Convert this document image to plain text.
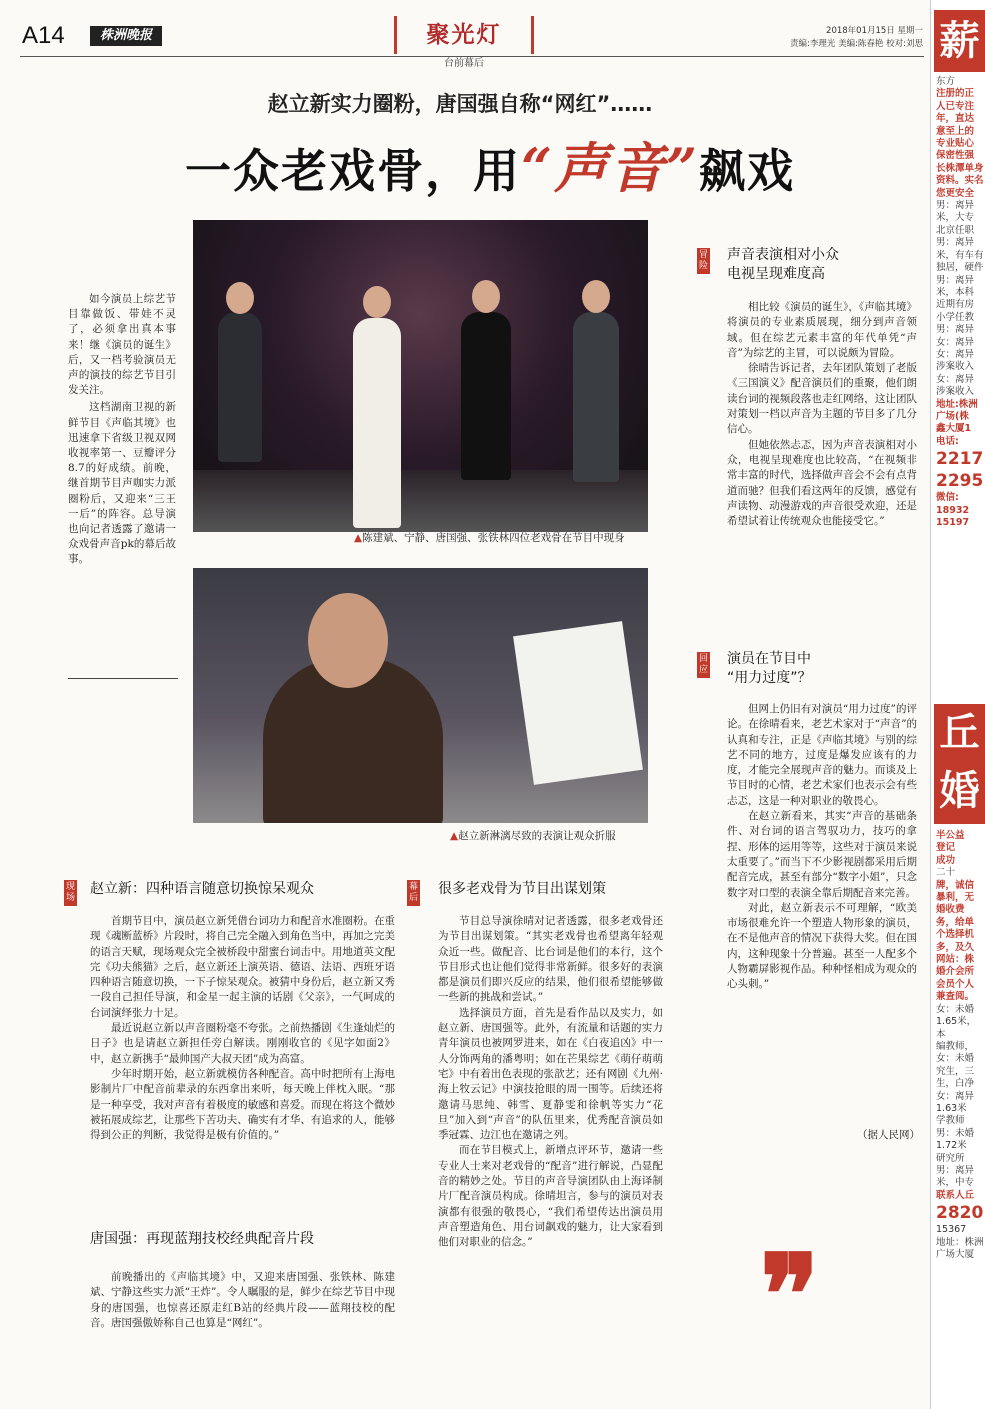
A14	株洲晚报	聚光灯
台前幕后
2018年01月15日 星期一
责编:李理光 美编:陈春艳 校对:刘思
赵立新实力圈粉，唐国强自称“网红”……
一众老戏骨，用“声音”飙戏

如今演员上综艺节目靠做饭、带娃不灵了，必须拿出真本事来！继《演员的诞生》后，又一档考验演员无声的演技的综艺节目引发关注。

这档湖南卫视的新鲜节目《声临其境》也迅速拿下省级卫视双网收视率第一、豆瓣评分8.7的好成绩。前晚，继首期节目声咖实力派圈粉后，又迎来“三王一后”的阵容。总导演也向记者透露了邀请一众戏骨声音pk的幕后故事。

▲陈建斌、宁静、唐国强、张铁林四位老戏骨在节目中现身
▲赵立新淋漓尽致的表演让观众折服
现场
赵立新：四种语言随意切换惊呆观众

首期节目中，演员赵立新凭借台词功力和配音水准圈粉。在重现《魂断蓝桥》片段时，将自己完全融入到角色当中，再加之完美的语言天赋，现场观众完全被桥段中甜蜜台词击中。用地道英文配完《功夫熊猫》之后，赵立新还上演英语、德语、法语、西班牙语四种语言随意切换，一下子惊呆观众。被猜中身份后，赵立新又秀一段自己担任导演，和金星一起主演的话剧《父亲》，一气呵成的台词演绎张力十足。

最近说赵立新以声音圈粉毫不夸张。之前热播剧《生逢灿烂的日子》也是请赵立新担任旁白解读。刚刚收官的《见字如面2》中，赵立新携手“最帅国产大叔天团”成为高富。

少年时期开始，赵立新就模仿各种配音。高中时把所有上海电影制片厂中配音前辈录的东西拿出来听，每天晚上伴枕入眠。“那是一种享受，我对声音有着极度的敏感和喜爱。而现在将这个微妙被拓展成综艺，让那些下苦功夫、确实有才华、有追求的人，能够得到公正的判断，我觉得是极有价值的。”

唐国强：再现蓝翔技校经典配音片段

前晚播出的《声临其境》中，又迎来唐国强、张铁林、陈建斌、宁静这些实力派“王炸”。令人瞩服的是，鲜少在综艺节目中现身的唐国强，也惊喜还原走红B站的经典片段——蓝翔技校的配音。唐国强傲娇称自己也算是“网红”。

幕后
很多老戏骨为节目出谋划策

节目总导演徐晴对记者透露，很多老戏骨还为节目出谋划策。“其实老戏骨也希望离年轻观众近一些。做配音、比台词是他们的本行，这个节目形式也让他们觉得非常新鲜。很多好的表演都是演员们即兴反应的结果，他们很希望能够做一些新的挑战和尝试。”

选择演员方面，首先是看作品以及实力，如赵立新、唐国强等。此外，有流量和话题的实力青年演员也被网罗进来，如在《白夜追凶》中一人分饰两角的潘粤明；如在芒果综艺《萌仔萌萌宅》中有着出色表现的张歆艺；还有网剧《九州·海上牧云记》中演技抢眼的周一围等。后续还将邀请马思纯、韩雪、夏静雯和徐帆等实力“花旦”加入到“声音”的队伍里来，优秀配音演员如季冠霖、边江也在邀请之列。

而在节目模式上，新增点评环节，邀请一些专业人士来对老戏骨的“配音”进行解说，凸显配音的精妙之处。节目的声音导演团队由上海译制片厂配音演员构成。徐晴坦言，参与的演员对表演都有很强的敬畏心，“我们希望传达出演员用声音塑造角色、用台词飙戏的魅力，让大家看到他们对职业的信念。”

冒险
声音表演相对小众
电视呈现难度高

相比较《演员的诞生》，《声临其境》将演员的专业素质展现，细分到声音领域。但在综艺元素丰富的年代单凭“声音”为综艺的主冒，可以说颇为冒险。

徐晴告诉记者，去年团队策划了老版《三国演义》配音演员们的重聚，他们朗读台词的视频段落也走红网络，这让团队对策划一档以声音为主题的节目多了几分信心。

但她依然忐忑，因为声音表演相对小众，电视呈现难度也比较高，“在视频非常丰富的时代，选择做声音会不会有点背道而驰？但我们看这两年的反馈，感觉有声读物、动漫游戏的声音很受欢迎，还是希望试着让传统观众也能接受它。”

回应
演员在节目中
“用力过度”？

但网上仍旧有对演员“用力过度”的评论。在徐晴看来，老艺术家对于“声音”的认真和专注，正是《声临其境》与别的综艺不同的地方，过度是爆发应该有的力度，才能完全展现声音的魅力。而谈及上节目时的心情，老艺术家们也表示会有些忐忑，这是一种对职业的敬畏心。

在赵立新看来，其实“声音的基础条件、对台词的语言驾驭功力，技巧的拿捏、形体的运用等等，这些对于演员来说太重要了。”而当下不少影视剧都采用后期配音完成，甚至有部分“数字小姐”，只念数字对口型的表演全靠后期配音来完善。

对此，赵立新表示不可理解，“欧美市场很难允许一个塑造人物形象的演员，在不是他声音的情况下获得大奖。但在国内，这种现象十分普遍。甚至一人配多个人物霸屏影视作品。种种怪相成为观众的心头刺。”

（据人民网）
❞
薪
东方
注册的正
人已专注
年，直达
意至上的
专业贴心
保密性强
长株潭单身
资料。实名
您更安全
男：离异
米，大专
北京任职
男：离异
米，有车有
独居，硬件
男：离异
米，本科
近期有房
小学任教
男：离异
女：离异
女：离异
涉案收入
女：离异
涉案收入
地址:株洲
广场(株
鑫大厦1
电话:
2217
2295
微信:
18932
15197
丘婚
半公益
登记
成功
二十
牌，诚信
暴利，无
婚收费
务，给单
个选择机
多，及久
网站：株
婚介会所
会员个人
兼查阅。
女：未婚
1.65米，本
编教师，
女：未婚
究生，三
生，白净
女：离异
1.63米
学教师
男：未婚
1.72米
研究所
男：离异
米，中专
联系人丘
2820
15367
地址：株洲
广场大厦
